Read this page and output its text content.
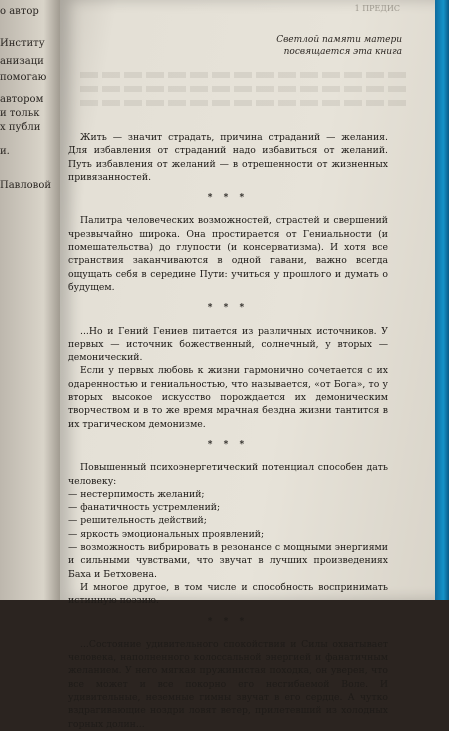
о автор
Институ
анизаци
помогаю
автором
и тольк
х публи
и.
Павловой
1 ПРЕДИС
Светлой памяти матери
посвящается эта книга

Жить — значит страдать, причина страданий — желания. Для избавления от страданий надо избавиться от желаний. Путь избавления от желаний — в отрешенности от жизненных привязанностей.

* * *

Палитра человеческих возможностей, страстей и свершений чрезвычайно широка. Она простирается от Гениальности (и помешательства) до глупости (и консерватизма). И хотя все странствия заканчиваются в одной гавани, важно всегда ощущать себя в середине Пути: учиться у прошлого и думать о будущем.

* * *

...Но и Гений Гениев питается из различных источников. У первых — источник божественный, солнечный, у вторых — демонический.

Если у первых любовь к жизни гармонично сочетается с их одаренностью и гениальностью, что называется, «от Бога», то у вторых высокое искусство порождается их демоническим творчеством и в то же время мрачная бездна жизни тантится в их трагическом демонизме.

* * *

Повышенный психоэнергетический потенциал способен дать человеку:

— нестерпимость желаний;

— фанатичность устремлений;

— решительность действий;

— яркость эмоциональных проявлений;

— возможность вибрировать в резонансе с мощными энергиями и сильными чувствами, что звучат в лучших произведениях Баха и Бетховена.

И многое другое, в том числе и способность воспринимать истинную поэзию.

* * *

...Состояние удивительного спокойствия и Силы охватывает человека, наполненного колоссальной энергией и фанатичным желанием. У него мягкая пружинистая походка, он уверен, что все может и все покорно его несгибаемой Воле. И удивительные, неземные гимны звучат в его сердце. А чутко вздрагивающие ноздри ловят ветер, прилетевший из холодных горных долин...
